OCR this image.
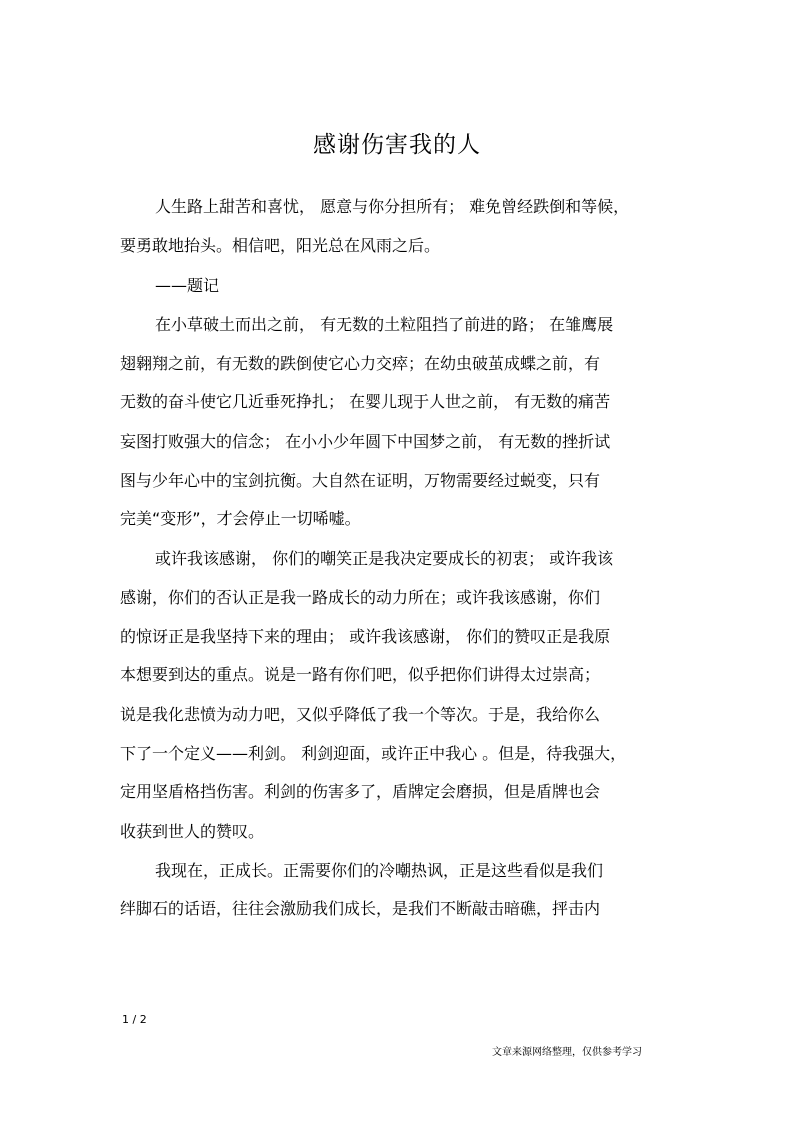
感谢伤害我的人
人生路上甜苦和喜忧， 愿意与你分担所有； 难免曾经跌倒和等候，
要勇敢地抬头。相信吧，阳光总在风雨之后。
——题记
在小草破土而出之前， 有无数的土粒阻挡了前进的路； 在雏鹰展
翅翱翔之前，有无数的跌倒使它心力交瘁；在幼虫破茧成蝶之前，有
无数的奋斗使它几近垂死挣扎； 在婴儿现于人世之前， 有无数的痛苦
妄图打败强大的信念； 在小小少年圆下中国梦之前， 有无数的挫折试
图与少年心中的宝剑抗衡。大自然在证明，万物需要经过蜕变，只有
完美“变形”，才会停止一切唏嘘。
或许我该感谢， 你们的嘲笑正是我决定要成长的初衷； 或许我该
感谢，你们的否认正是我一路成长的动力所在；或许我该感谢，你们
的惊讶正是我坚持下来的理由； 或许我该感谢， 你们的赞叹正是我原
本想要到达的重点。说是一路有你们吧，似乎把你们讲得太过崇高；
说是我化悲愤为动力吧，又似乎降低了我一个等次。于是，我给你么
下了一个定义——利剑。 利剑迎面，或许正中我心 。但是，待我强大，
定用坚盾格挡伤害。利剑的伤害多了，盾牌定会磨损，但是盾牌也会
收获到世人的赞叹。
我现在，正成长。正需要你们的冷嘲热讽，正是这些看似是我们
绊脚石的话语，往往会激励我们成长，是我们不断敲击暗礁，抨击内
1 / 2
文章来源网络整理，仅供参考学习
